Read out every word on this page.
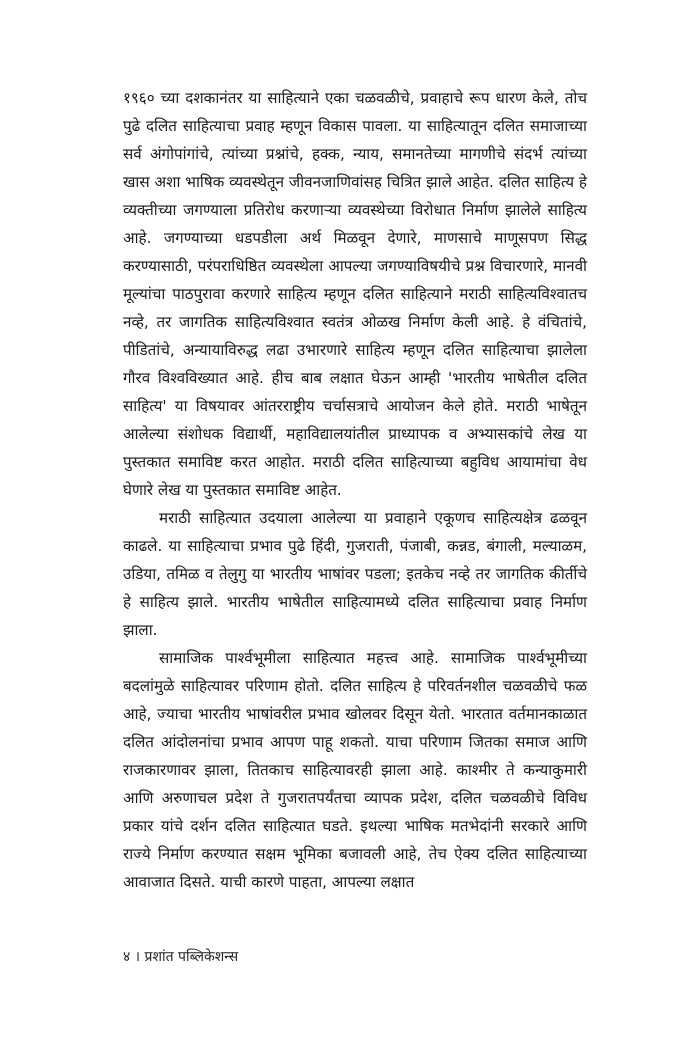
१९६० च्या दशकानंतर या साहित्याने एका चळवळीचे, प्रवाहाचे रूप धारण केले, तोच पुढे दलित साहित्याचा प्रवाह म्हणून विकास पावला. या साहित्यातून दलित समाजाच्या सर्व अंगोपांगांचे, त्यांच्या प्रश्नांचे, हक्क, न्याय, समानतेच्या मागणीचे संदर्भ त्यांच्या खास अशा भाषिक व्यवस्थेतून जीवनजाणिवांसह चित्रित झाले आहेत. दलित साहित्य हे व्यक्तीच्या जगण्याला प्रतिरोध करणाऱ्या व्यवस्थेच्या विरोधात निर्माण झालेले साहित्य आहे. जगण्याच्या धडपडीला अर्थ मिळवून देणारे, माणसाचे माणूसपण सिद्ध करण्यासाठी, परंपराधिष्ठित व्यवस्थेला आपल्या जगण्याविषयीचे प्रश्न विचारणारे, मानवी मूल्यांचा पाठपुरावा करणारे साहित्य म्हणून दलित साहित्याने मराठी साहित्यविश्वातच नव्हे, तर जागतिक साहित्यविश्वात स्वतंत्र ओळख निर्माण केली आहे. हे वंचितांचे, पीडितांचे, अन्यायाविरुद्ध लढा उभारणारे साहित्य म्हणून दलित साहित्याचा झालेला गौरव विश्वविख्यात आहे. हीच बाब लक्षात घेऊन आम्ही 'भारतीय भाषेतील दलित साहित्य' या विषयावर आंतरराष्ट्रीय चर्चासत्राचे आयोजन केले होते. मराठी भाषेतून आलेल्या संशोधक विद्यार्थी, महाविद्यालयांतील प्राध्यापक व अभ्यासकांचे लेख या पुस्तकात समाविष्ट करत आहोत. मराठी दलित साहित्याच्या बहुविध आयामांचा वेध घेणारे लेख या पुस्तकात समाविष्ट आहेत.

मराठी साहित्यात उदयाला आलेल्या या प्रवाहाने एकूणच साहित्यक्षेत्र ढळवून काढले. या साहित्याचा प्रभाव पुढे हिंदी, गुजराती, पंजाबी, कन्नड, बंगाली, मल्याळम, उडिया, तमिळ व तेलुगु या भारतीय भाषांवर पडला; इतकेच नव्हे तर जागतिक कीर्तीचे हे साहित्य झाले. भारतीय भाषेतील साहित्यामध्ये दलित साहित्याचा प्रवाह निर्माण झाला.

सामाजिक पार्श्वभूमीला साहित्यात महत्त्व आहे. सामाजिक पार्श्वभूमीच्या बदलांमुळे साहित्यावर परिणाम होतो. दलित साहित्य हे परिवर्तनशील चळवळीचे फळ आहे, ज्याचा भारतीय भाषांवरील प्रभाव खोलवर दिसून येतो. भारतात वर्तमानकाळात दलित आंदोलनांचा प्रभाव आपण पाहू शकतो. याचा परिणाम जितका समाज आणि राजकारणावर झाला, तितकाच साहित्यावरही झाला आहे. काश्मीर ते कन्याकुमारी आणि अरुणाचल प्रदेश ते गुजरातपर्यंतचा व्यापक प्रदेश, दलित चळवळीचे विविध प्रकार यांचे दर्शन दलित साहित्यात घडते. इथल्या भाषिक मतभेदांनी सरकारे आणि राज्ये निर्माण करण्यात सक्षम भूमिका बजावली आहे, तेच ऐक्य दलित साहित्याच्या आवाजात दिसते. याची कारणे पाहता, आपल्या लक्षात

४ । प्रशांत पब्लिकेशन्स
